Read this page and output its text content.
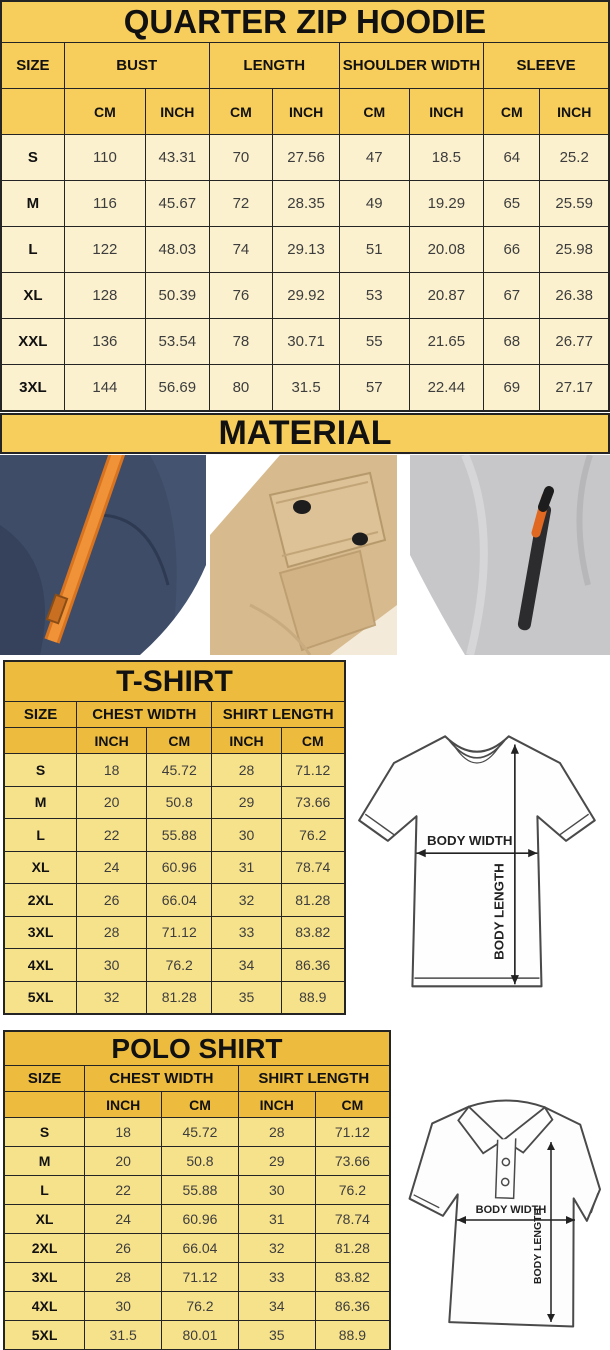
QUARTER ZIP HOODIE
SIZE	BUST	LENGTH	SHOULDER WIDTH	SLEEVE
CM	INCH	CM	INCH	CM	INCH	CM	INCH
S	110	43.31	70	27.56	47	18.5	64	25.2
M	116	45.67	72	28.35	49	19.29	65	25.59
L	122	48.03	74	29.13	51	20.08	66	25.98
XL	128	50.39	76	29.92	53	20.87	67	26.38
XXL	136	53.54	78	30.71	55	21.65	68	26.77
3XL	144	56.69	80	31.5	57	22.44	69	27.17
MATERIAL
T-SHIRT
SIZE	CHEST WIDTH	SHIRT LENGTH
INCH	CM	INCH	CM
S	18	45.72	28	71.12
M	20	50.8	29	73.66
L	22	55.88	30	76.2
XL	24	60.96	31	78.74
2XL	26	66.04	32	81.28
3XL	28	71.12	33	83.82
4XL	30	76.2	34	86.36
5XL	32	81.28	35	88.9
BODY WIDTH
BODY LENGTH
POLO SHIRT
SIZE	CHEST WIDTH	SHIRT LENGTH
INCH	CM	INCH	CM
S	18	45.72	28	71.12
M	20	50.8	29	73.66
L	22	55.88	30	76.2
XL	24	60.96	31	78.74
2XL	26	66.04	32	81.28
3XL	28	71.12	33	83.82
4XL	30	76.2	34	86.36
5XL	31.5	80.01	35	88.9
BODY WIDTH
BODY LENGTH
